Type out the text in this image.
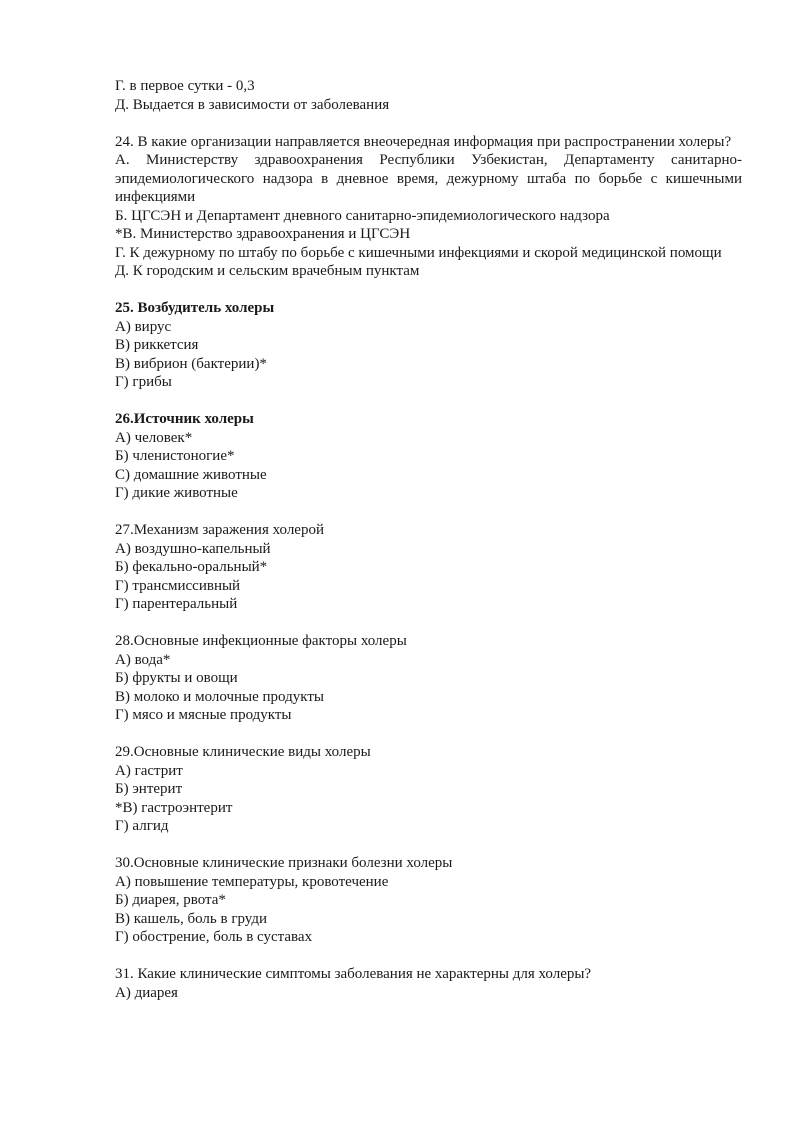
Г. в первое сутки - 0,3
Д. Выдается в зависимости от заболевания
24. В какие организации направляется внеочередная информация при распространении холеры?
А. Министерству здравоохранения Республики Узбекистан, Департаменту санитарно-эпидемиологического надзора в дневное время, дежурному штаба по борьбе с кишечными инфекциями
Б. ЦГСЭН и Департамент дневного санитарно-эпидемиологического надзора
*В. Министерство здравоохранения и ЦГСЭН
Г. К дежурному по штабу по борьбе с кишечными инфекциями и скорой медицинской помощи
Д. К городским и сельским врачебным пунктам
25. Возбудитель холеры
А) вирус
В) риккетсия
В) вибрион (бактерии)*
Г) грибы
26.Источник холеры
А) человек*
Б) членистоногие*
С) домашние животные
Г) дикие животные
27.Механизм заражения холерой
А) воздушно-капельный
Б) фекально-оральный*
Г) трансмиссивный
Г) парентеральный
28.Основные инфекционные факторы холеры
А) вода*
Б) фрукты и овощи
В) молоко и молочные продукты
Г) мясо и мясные продукты
29.Основные клинические виды холеры
А) гастрит
Б) энтерит
*В) гастроэнтерит
Г) алгид
30.Основные клинические признаки болезни холеры
А) повышение температуры, кровотечение
Б) диарея, рвота*
В) кашель, боль в груди
Г) обострение, боль в суставах
31. Какие клинические симптомы заболевания не характерны для холеры?
А) диарея
